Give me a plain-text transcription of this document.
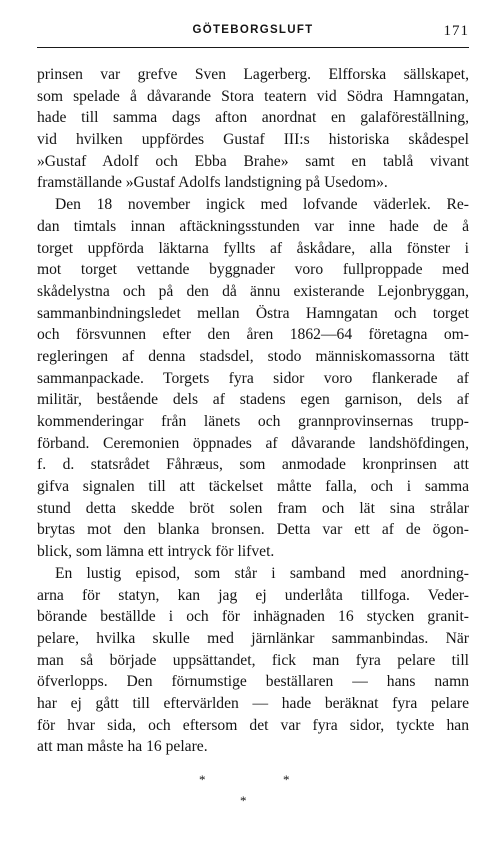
GÖTEBORGSLUFT	171
prinsen var grefve Sven Lagerberg. Elfforska sällskapet,
som spelade å dåvarande Stora teatern vid Södra Hamngatan,
hade till samma dags afton anordnat en galaföreställning,
vid hvilken uppfördes Gustaf III:s historiska skådespel
»Gustaf Adolf och Ebba Brahe» samt en tablå vivant
framställande »Gustaf Adolfs landstigning på Usedom».
Den 18 november ingick med lofvande väderlek. Re-
dan timtals innan aftäckningsstunden var inne hade de å
torget uppförda läktarna fyllts af åskådare, alla fönster i
mot torget vettande byggnader voro fullproppade med
skådelystna och på den då ännu existerande Lejonbryggan,
sammanbindningsledet mellan Östra Hamngatan och torget
och försvunnen efter den åren 1862—64 företagna om-
regleringen af denna stadsdel, stodo människomassorna tätt
sammanpackade. Torgets fyra sidor voro flankerade af
militär, bestående dels af stadens egen garnison, dels af
kommenderingar från länets och grannprovinsernas trupp-
förband. Ceremonien öppnades af dåvarande landshöfdingen,
f. d. statsrådet Fåhræus, som anmodade kronprinsen att
gifva signalen till att täckelset måtte falla, och i samma
stund detta skedde bröt solen fram och lät sina strålar
brytas mot den blanka bronsen. Detta var ett af de ögon-
blick, som lämna ett intryck för lifvet.
En lustig episod, som står i samband med anordning-
arna för statyn, kan jag ej underlåta tillfoga. Veder-
börande beställde i och för inhägnaden 16 stycken granit-
pelare, hvilka skulle med järnlänkar sammanbindas. När
man så började uppsättandet, fick man fyra pelare till
öfverlopps. Den förnumstige beställaren — hans namn
har ej gått till eftervärlden — hade beräknat fyra pelare
för hvar sida, och eftersom det var fyra sidor, tyckte han
att man måste ha 16 pelare.
*	*
*
